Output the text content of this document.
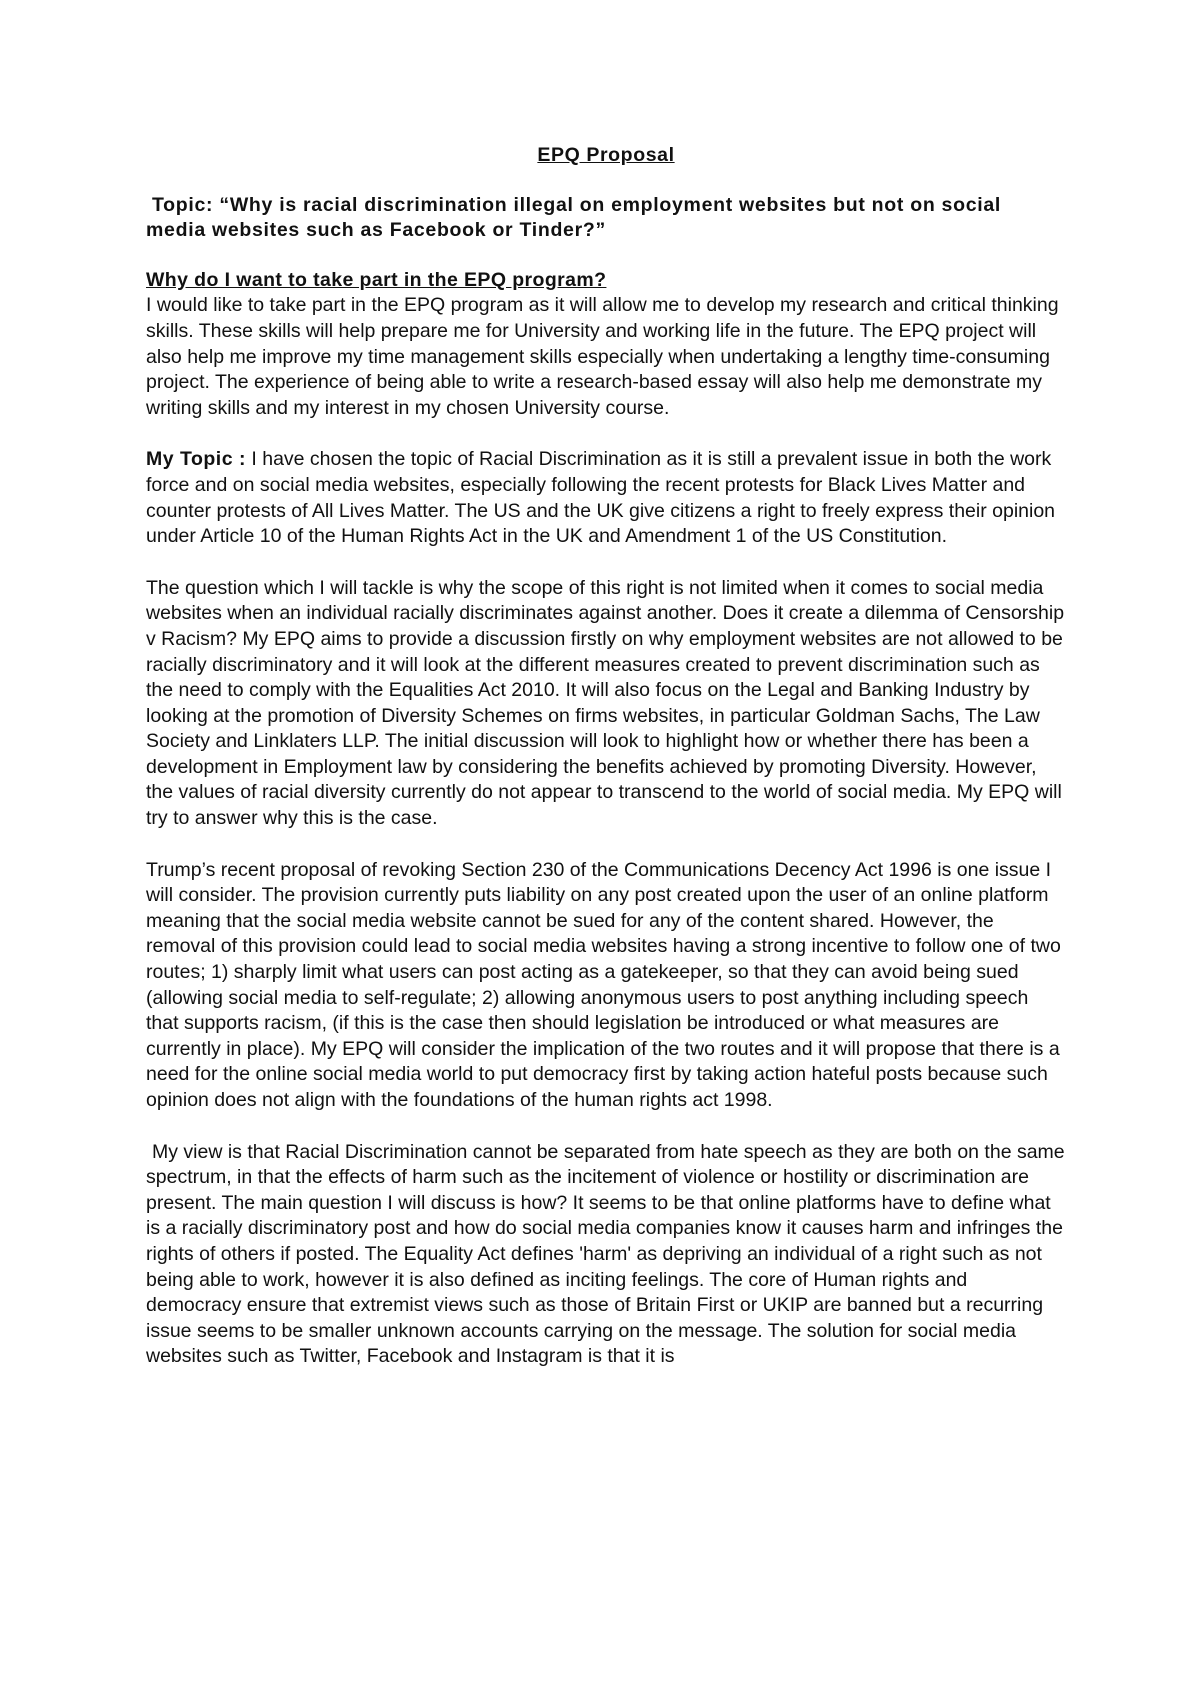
EPQ Proposal
Topic: “Why is racial discrimination illegal on employment websites but not on social media websites such as Facebook or Tinder?”
Why do I want to take part in the EPQ program?

I would like to take part in the EPQ program as it will allow me to develop my research and critical thinking skills. These skills will help prepare me for University and working life in the future. The EPQ project will also help me improve my time management skills especially when undertaking a lengthy time-consuming project. The experience of being able to write a research-based essay will also help me demonstrate my writing skills and my interest in my chosen University course.

My Topic : I have chosen the topic of Racial Discrimination as it is still a prevalent issue in both the work force and on social media websites, especially following the recent protests for Black Lives Matter and counter protests of All Lives Matter. The US and the UK give citizens a right to freely express their opinion under Article 10 of the Human Rights Act in the UK and Amendment 1 of the US Constitution.

The question which I will tackle is why the scope of this right is not limited when it comes to social media websites when an individual racially discriminates against another. Does it create a dilemma of Censorship v Racism? My EPQ aims to provide a discussion firstly on why employment websites are not allowed to be racially discriminatory and it will look at the different measures created to prevent discrimination such as the need to comply with the Equalities Act 2010. It will also focus on the Legal and Banking Industry by looking at the promotion of Diversity Schemes on firms websites, in particular Goldman Sachs, The Law Society and Linklaters LLP. The initial discussion will look to highlight how or whether there has been a development in Employment law by considering the benefits achieved by promoting Diversity. However, the values of racial diversity currently do not appear to transcend to the world of social media. My EPQ will try to answer why this is the case.

Trump’s recent proposal of revoking Section 230 of the Communications Decency Act 1996 is one issue I will consider. The provision currently puts liability on any post created upon the user of an online platform meaning that the social media website cannot be sued for any of the content shared. However, the removal of this provision could lead to social media websites having a strong incentive to follow one of two routes; 1) sharply limit what users can post acting as a gatekeeper, so that they can avoid being sued (allowing social media to self-regulate; 2) allowing anonymous users to post anything including speech that supports racism, (if this is the case then should legislation be introduced or what measures are currently in place). My EPQ will consider the implication of the two routes and it will propose that there is a need for the online social media world to put democracy first by taking action hateful posts because such opinion does not align with the foundations of the human rights act 1998.

My view is that Racial Discrimination cannot be separated from hate speech as they are both on the same spectrum, in that the effects of harm such as the incitement of violence or hostility or discrimination are present. The main question I will discuss is how? It seems to be that online platforms have to define what is a racially discriminatory post and how do social media companies know it causes harm and infringes the rights of others if posted. The Equality Act defines 'harm' as depriving an individual of a right such as not being able to work, however it is also defined as inciting feelings. The core of Human rights and democracy ensure that extremist views such as those of Britain First or UKIP are banned but a recurring issue seems to be smaller unknown accounts carrying on the message. The solution for social media websites such as Twitter, Facebook and Instagram is that it is
